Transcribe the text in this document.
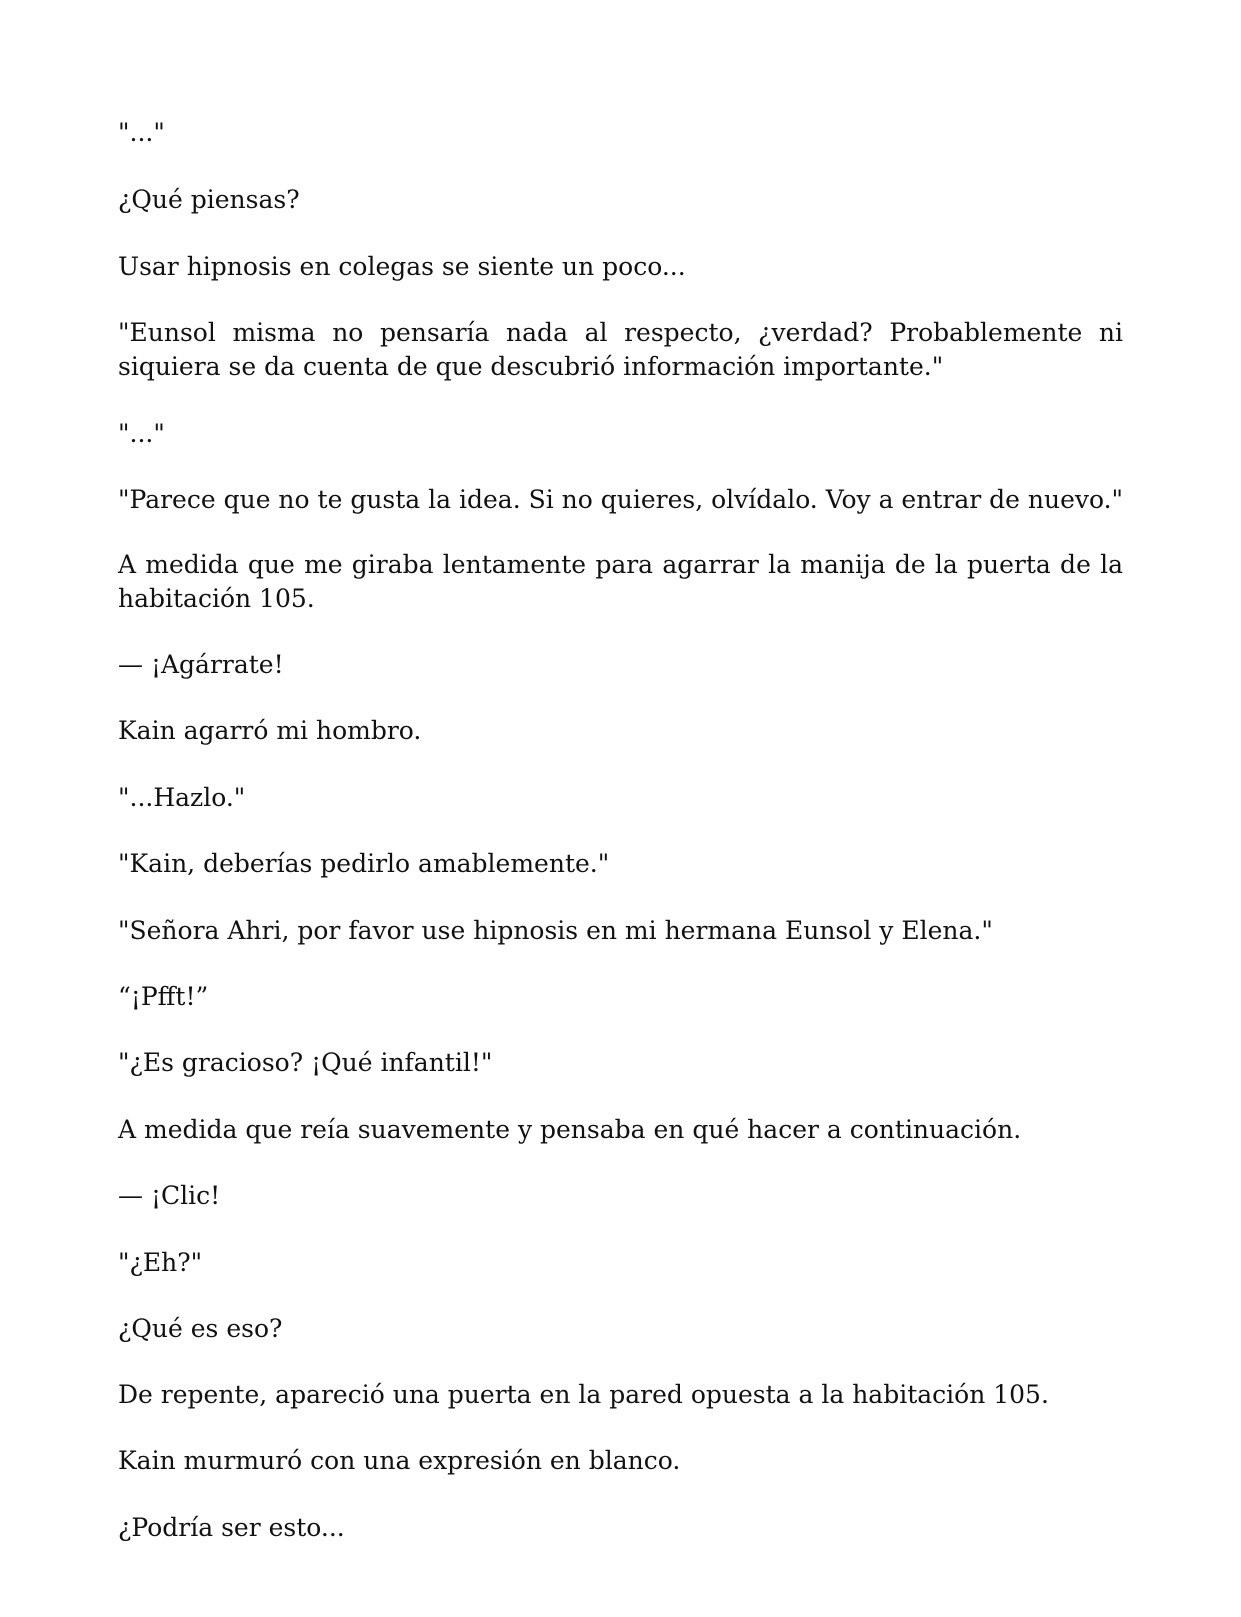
"..."

¿Qué piensas?

Usar hipnosis en colegas se siente un poco...

"Eunsol misma no pensaría nada al respecto, ¿verdad? Probablemente ni siquiera se da cuenta de que descubrió información importante."

"..."

"Parece que no te gusta la idea. Si no quieres, olvídalo. Voy a entrar de nuevo."

A medida que me giraba lentamente para agarrar la manija de la puerta de la habitación 105.

— ¡Agárrate!

Kain agarró mi hombro.

"...Hazlo."

"Kain, deberías pedirlo amablemente."

"Señora Ahri, por favor use hipnosis en mi hermana Eunsol y Elena."

“¡Pfft!”

"¿Es gracioso? ¡Qué infantil!"

A medida que reía suavemente y pensaba en qué hacer a continuación.

— ¡Clic!

"¿Eh?"

¿Qué es eso?

De repente, apareció una puerta en la pared opuesta a la habitación 105.

Kain murmuró con una expresión en blanco.

¿Podría ser esto...
